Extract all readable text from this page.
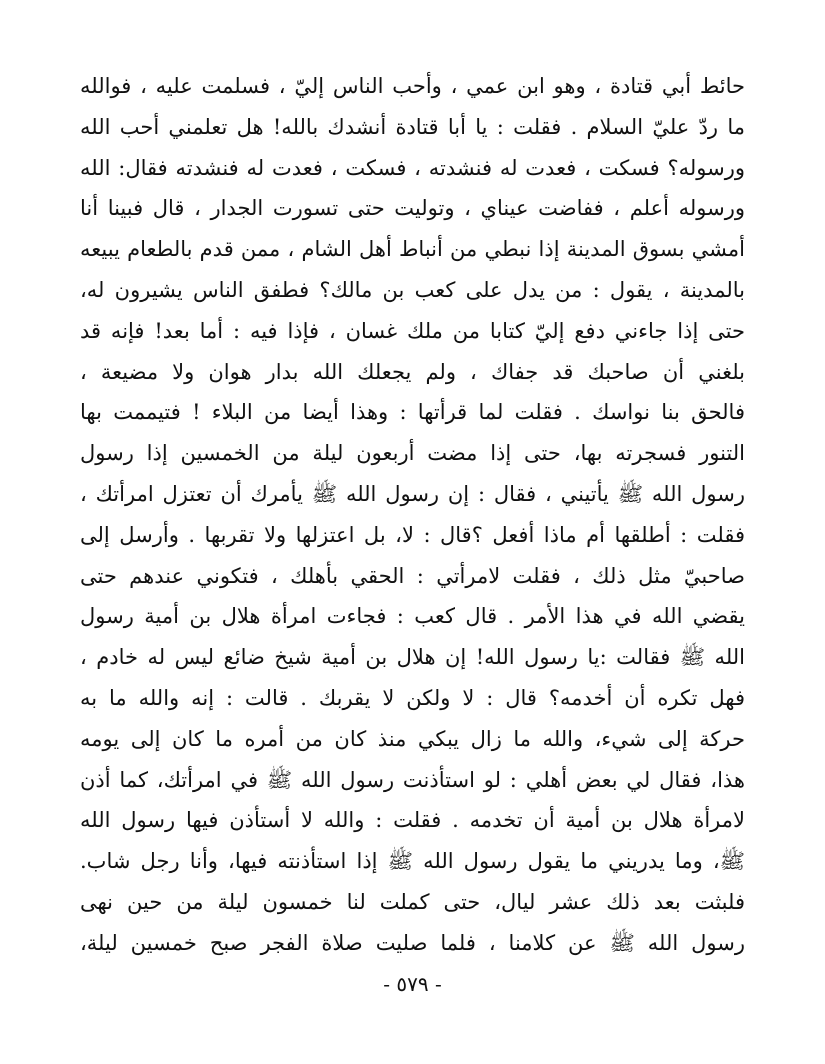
حائط أبي قتادة ، وهو ابن عمي ، وأحب الناس إليّ ، فسلمت عليه ، فوالله
ما ردّ عليّ السلام . فقلت : يا أبا قتادة أنشدك بالله! هل تعلمني أحب الله
ورسوله؟ فسكت ، فعدت له فنشدته ، فسكت ، فعدت له فنشدته فقال: الله
ورسوله أعلم ، ففاضت عيناي ، وتوليت حتى تسورت الجدار ، قال فبينا أنا
أمشي بسوق المدينة إذا نبطي من أنباط أهل الشام ، ممن قدم بالطعام يبيعه
بالمدينة ، يقول : من يدل على كعب بن مالك؟ فطفق الناس يشيرون له،
حتى إذا جاءني دفع إليّ كتابا من ملك غسان ، فإذا فيه : أما بعد! فإنه قد
بلغني أن صاحبك قد جفاك ، ولم يجعلك الله بدار هوان ولا مضيعة ،
فالحق بنا نواسك . فقلت لما قرأتها : وهذا أيضا من البلاء ! فتيممت بها
التنور فسجرته بها، حتى إذا مضت أربعون ليلة من الخمسين إذا رسول
رسول الله ﷺ يأتيني ، فقال : إن رسول الله ﷺ يأمرك أن تعتزل امرأتك ،
فقلت : أطلقها أم ماذا أفعل ؟قال : لا، بل اعتزلها ولا تقربها . وأرسل إلى
صاحبيّ مثل ذلك ، فقلت لامرأتي : الحقي بأهلك ، فتكوني عندهم حتى
يقضي الله في هذا الأمر . قال كعب : فجاءت امرأة هلال بن أمية رسول
الله ﷺ فقالت :يا رسول الله! إن هلال بن أمية شيخ ضائع ليس له خادم ،
فهل تكره أن أخدمه؟ قال : لا ولكن لا يقربك . قالت : إنه والله ما به
حركة إلى شيء، والله ما زال يبكي منذ كان من أمره ما كان إلى يومه
هذا، فقال لي بعض أهلي : لو استأذنت رسول الله ﷺ في امرأتك، كما أذن
لامرأة هلال بن أمية أن تخدمه . فقلت : والله لا أستأذن فيها رسول الله
ﷺ، وما يدريني ما يقول رسول الله ﷺ إذا استأذنته فيها، وأنا رجل شاب.
فلبثت بعد ذلك عشر ليال، حتى كملت لنا خمسون ليلة من حين نهى
رسول الله ﷺ عن كلامنا ، فلما صليت صلاة الفجر صبح خمسين ليلة،
- ٥٧٩ -
